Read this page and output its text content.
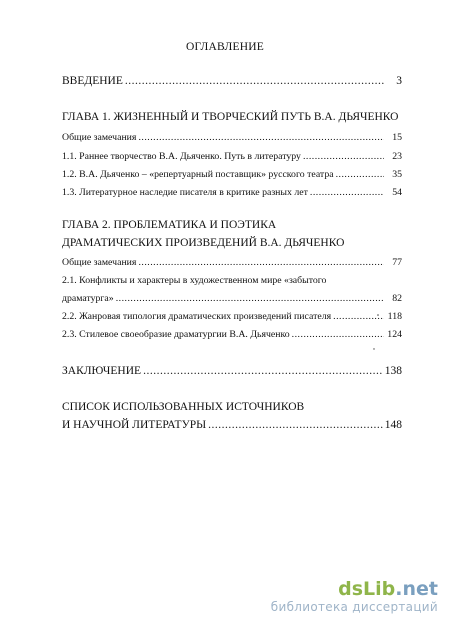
ОГЛАВЛЕНИЕ
ВВЕДЕНИЕ .....	3
ГЛАВА 1. ЖИЗНЕННЫЙ И ТВОРЧЕСКИЙ ПУТЬ В.А. ДЬЯЧЕНКО
Общие замечания .....	15
1.1. Раннее творчество В.А. Дьяченко. Путь в литературу .....	23
1.2. В.А. Дьяченко – «репертуарный поставщик» русского театра .....	35
1.3. Литературное наследие писателя в критике разных лет .....	54
ГЛАВА 2. ПРОБЛЕМАТИКА И ПОЭТИКА
ДРАМАТИЧЕСКИХ ПРОИЗВЕДЕНИЙ В.А. ДЬЯЧЕНКО
Общие замечания .....	77
2.1. Конфликты и характеры в художественном мире «забытого
драматурга» .....	82
2.2. Жанровая типология драматических произведений писателя .....	118
2.3. Стилевое своеобразие драматургии В.А. Дьяченко .....	124
ЗАКЛЮЧЕНИЕ .....	138
СПИСОК ИСПОЛЬЗОВАННЫХ ИСТОЧНИКОВ
И НАУЧНОЙ ЛИТЕРАТУРЫ .....	148
dsLib.net
библиотека диссертаций
